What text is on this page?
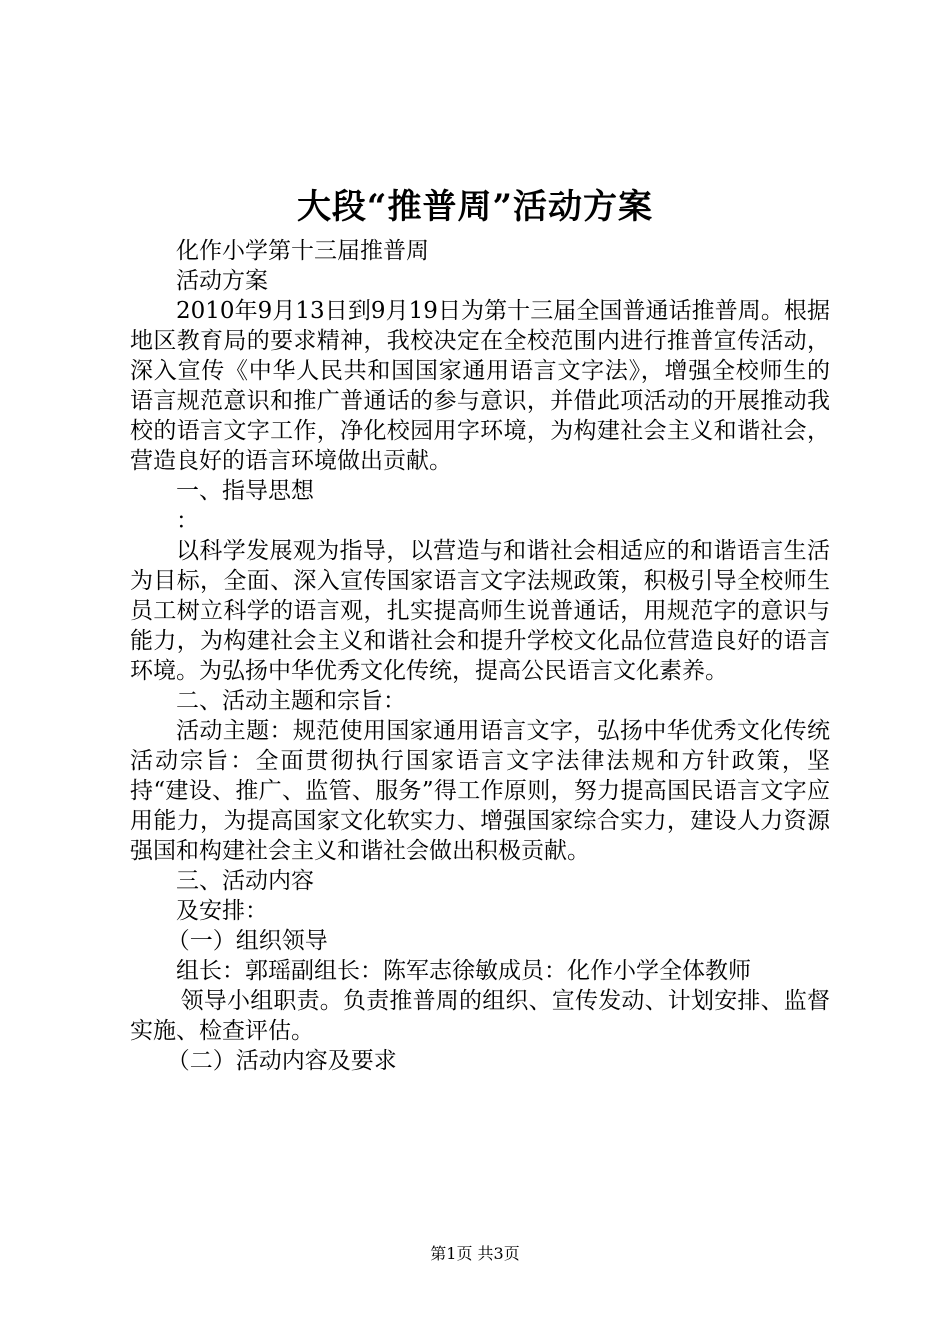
大段“推普周”活动方案

化作小学第十三届推普周

活动方案

2010年9月13日到9月19日为第十三届全国普通话推普周。根据地区教育局的要求精神，我校决定在全校范围内进行推普宣传活动，深入宣传《中华人民共和国国家通用语言文字法》，增强全校师生的语言规范意识和推广普通话的参与意识，并借此项活动的开展推动我校的语言文字工作，净化校园用字环境，为构建社会主义和谐社会，营造良好的语言环境做出贡献。

一、指导思想

：

以科学发展观为指导，以营造与和谐社会相适应的和谐语言生活为目标，全面、深入宣传国家语言文字法规政策，积极引导全校师生员工树立科学的语言观，扎实提高师生说普通话，用规范字的意识与能力，为构建社会主义和谐社会和提升学校文化品位营造良好的语言环境。为弘扬中华优秀文化传统，提高公民语言文化素养。

二、活动主题和宗旨：

活动主题：规范使用国家通用语言文字，弘扬中华优秀文化传统活动宗旨：全面贯彻执行国家语言文字法律法规和方针政策，坚持“建设、推广、监管、服务”得工作原则，努力提高国民语言文字应用能力，为提高国家文化软实力、增强国家综合实力，建设人力资源强国和构建社会主义和谐社会做出积极贡献。

三、活动内容

及安排：

（一）组织领导

组长：郭瑶副组长：陈军志徐敏成员：化作小学全体教师

领导小组职责。负责推普周的组织、宣传发动、计划安排、监督实施、检查评估。

（二）活动内容及要求

第1页 共3页
